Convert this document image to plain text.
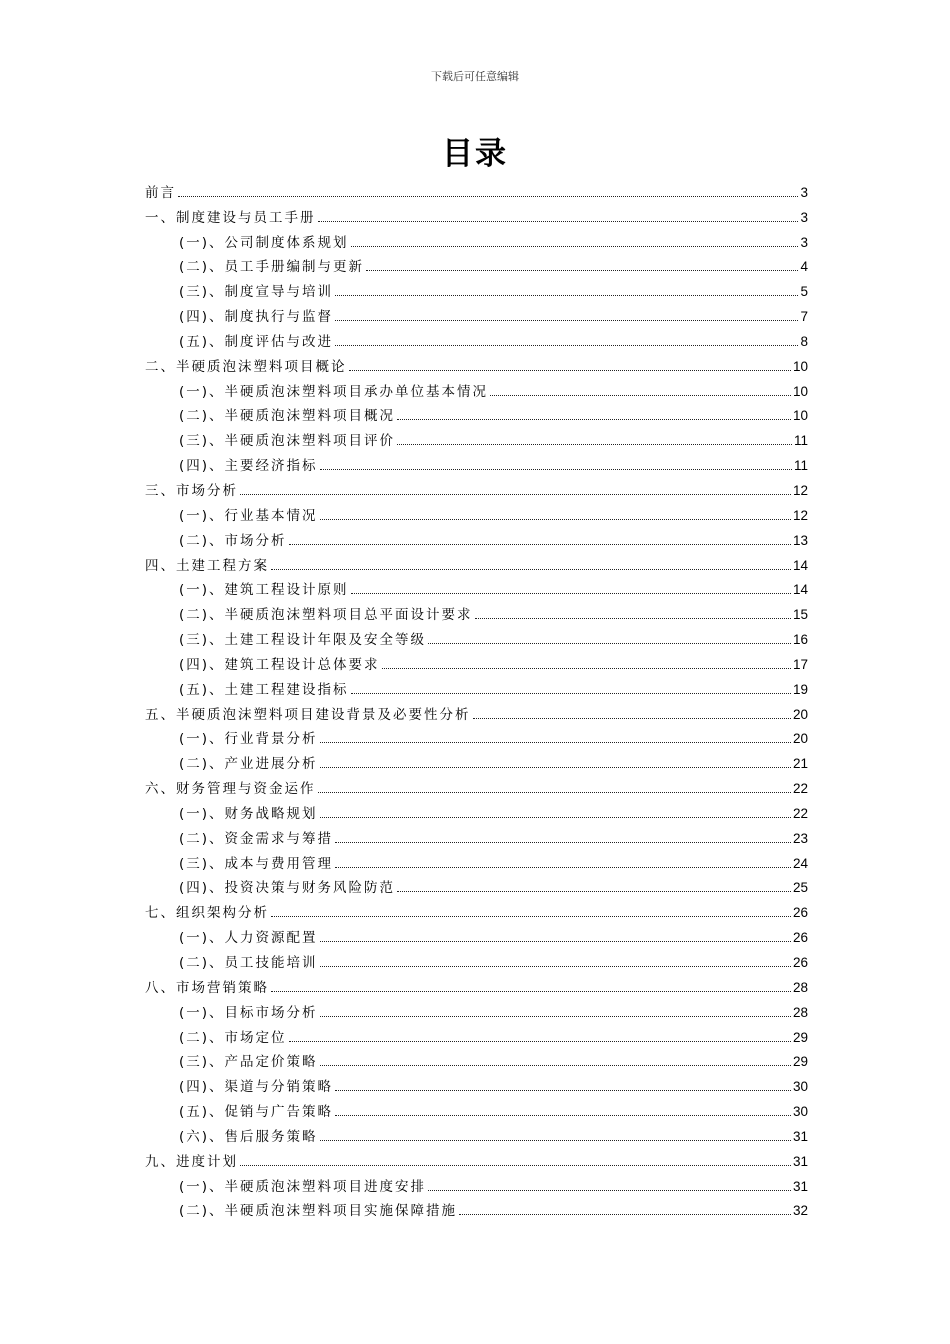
下载后可任意编辑
目录
前言	3
一、制度建设与员工手册	3
(一)、公司制度体系规划	3
(二)、员工手册编制与更新	4
(三)、制度宣导与培训	5
(四)、制度执行与监督	7
(五)、制度评估与改进	8
二、半硬质泡沫塑料项目概论	10
(一)、半硬质泡沫塑料项目承办单位基本情况	10
(二)、半硬质泡沫塑料项目概况	10
(三)、半硬质泡沫塑料项目评价	11
(四)、主要经济指标	11
三、市场分析	12
(一)、行业基本情况	12
(二)、市场分析	13
四、土建工程方案	14
(一)、建筑工程设计原则	14
(二)、半硬质泡沫塑料项目总平面设计要求	15
(三)、土建工程设计年限及安全等级	16
(四)、建筑工程设计总体要求	17
(五)、土建工程建设指标	19
五、半硬质泡沫塑料项目建设背景及必要性分析	20
(一)、行业背景分析	20
(二)、产业进展分析	21
六、财务管理与资金运作	22
(一)、财务战略规划	22
(二)、资金需求与筹措	23
(三)、成本与费用管理	24
(四)、投资决策与财务风险防范	25
七、组织架构分析	26
(一)、人力资源配置	26
(二)、员工技能培训	26
八、市场营销策略	28
(一)、目标市场分析	28
(二)、市场定位	29
(三)、产品定价策略	29
(四)、渠道与分销策略	30
(五)、促销与广告策略	30
(六)、售后服务策略	31
九、进度计划	31
(一)、半硬质泡沫塑料项目进度安排	31
(二)、半硬质泡沫塑料项目实施保障措施	32
